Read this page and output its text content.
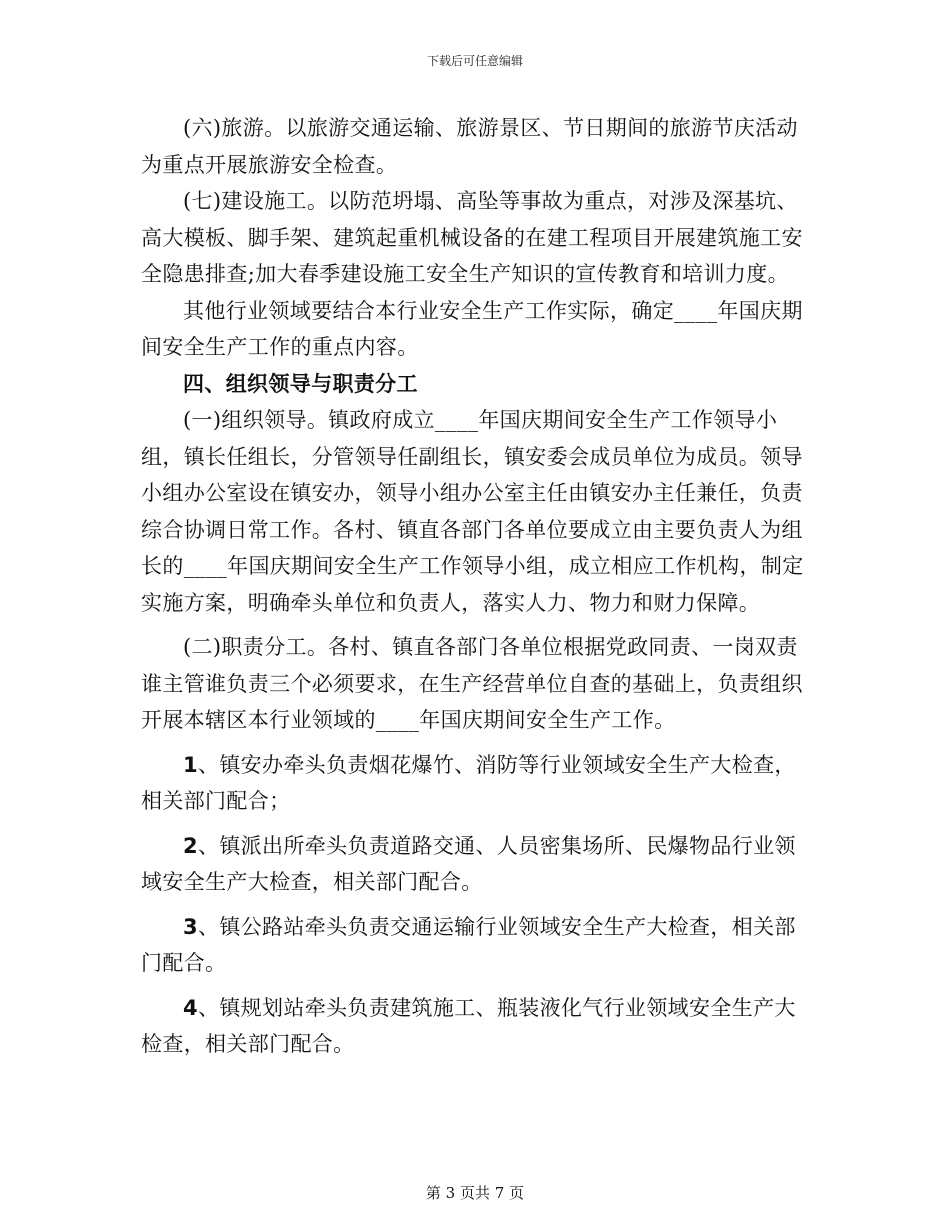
下载后可任意编辑

(六)旅游。以旅游交通运输、旅游景区、节日期间的旅游节庆活动为重点开展旅游安全检查。

(七)建设施工。以防范坍塌、高坠等事故为重点，对涉及深基坑、高大模板、脚手架、建筑起重机械设备的在建工程项目开展建筑施工安全隐患排查;加大春季建设施工安全生产知识的宣传教育和培训力度。

其他行业领域要结合本行业安全生产工作实际，确定____年国庆期间安全生产工作的重点内容。

四、组织领导与职责分工

(一)组织领导。镇政府成立____年国庆期间安全生产工作领导小组，镇长任组长，分管领导任副组长，镇安委会成员单位为成员。领导小组办公室设在镇安办，领导小组办公室主任由镇安办主任兼任，负责综合协调日常工作。各村、镇直各部门各单位要成立由主要负责人为组长的____年国庆期间安全生产工作领导小组，成立相应工作机构，制定实施方案，明确牵头单位和负责人，落实人力、物力和财力保障。

(二)职责分工。各村、镇直各部门各单位根据党政同责、一岗双责谁主管谁负责三个必须要求，在生产经营单位自查的基础上，负责组织开展本辖区本行业领域的____年国庆期间安全生产工作。

1、镇安办牵头负责烟花爆竹、消防等行业领域安全生产大检查，相关部门配合；

2、镇派出所牵头负责道路交通、人员密集场所、民爆物品行业领域安全生产大检查，相关部门配合。

3、镇公路站牵头负责交通运输行业领域安全生产大检查，相关部门配合。

4、镇规划站牵头负责建筑施工、瓶装液化气行业领域安全生产大检查，相关部门配合。

第 3 页共 7 页
